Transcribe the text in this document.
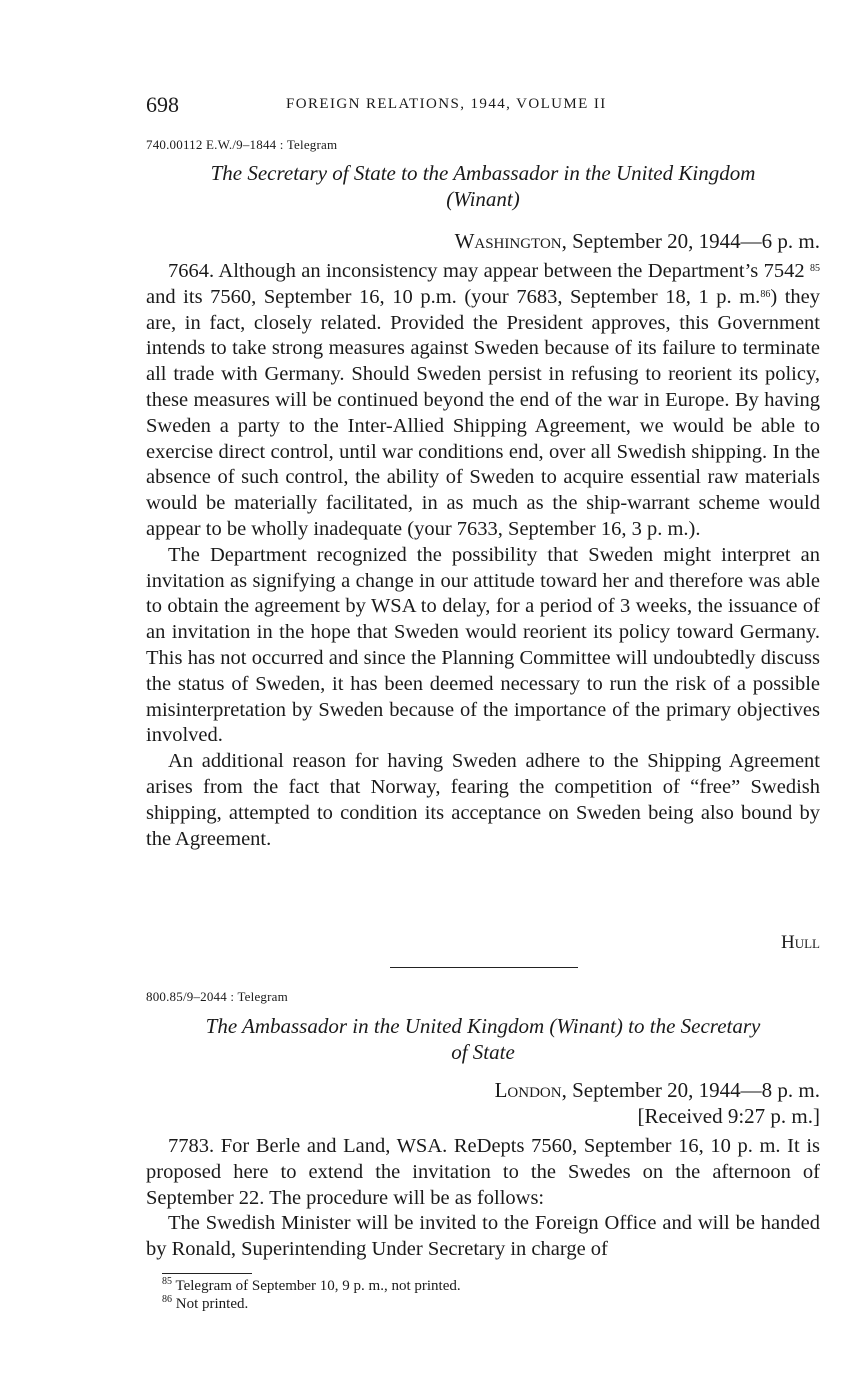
698	FOREIGN RELATIONS, 1944, VOLUME II
740.00112 E.W./9–1844 : Telegram
The Secretary of State to the Ambassador in the United Kingdom
(Winant)
Washington, September 20, 1944—6 p. m.

7664. Although an inconsistency may appear between the Department’s 7542 $^{85}$ and its 7560, September 16, 10 p.m. (your 7683, September 18, 1 p. m.$^{86}$) they are, in fact, closely related. Provided the President approves, this Government intends to take strong measures against Sweden because of its failure to terminate all trade with Germany. Should Sweden persist in refusing to reorient its policy, these measures will be continued beyond the end of the war in Europe. By having Sweden a party to the Inter-Allied Shipping Agreement, we would be able to exercise direct control, until war conditions end, over all Swedish shipping. In the absence of such control, the ability of Sweden to acquire essential raw materials would be materially facilitated, in as much as the ship-warrant scheme would appear to be wholly inadequate (your 7633, September 16, 3 p. m.).

The Department recognized the possibility that Sweden might interpret an invitation as signifying a change in our attitude toward her and therefore was able to obtain the agreement by WSA to delay, for a period of 3 weeks, the issuance of an invitation in the hope that Sweden would reorient its policy toward Germany. This has not occurred and since the Planning Committee will undoubtedly discuss the status of Sweden, it has been deemed necessary to run the risk of a possible misinterpretation by Sweden because of the importance of the primary objectives involved.

An additional reason for having Sweden adhere to the Shipping Agreement arises from the fact that Norway, fearing the competition of “free” Swedish shipping, attempted to condition its acceptance on Sweden being also bound by the Agreement.

Hull
800.85/9–2044 : Telegram
The Ambassador in the United Kingdom (Winant) to the Secretary
of State
London, September 20, 1944—8 p. m.
[Received 9:27 p. m.]

7783. For Berle and Land, WSA. ReDepts 7560, September 16, 10 p. m. It is proposed here to extend the invitation to the Swedes on the afternoon of September 22. The procedure will be as follows:

The Swedish Minister will be invited to the Foreign Office and will be handed by Ronald, Superintending Under Secretary in charge of

$^{85}$ Telegram of September 10, 9 p. m., not printed.
$^{86}$ Not printed.
